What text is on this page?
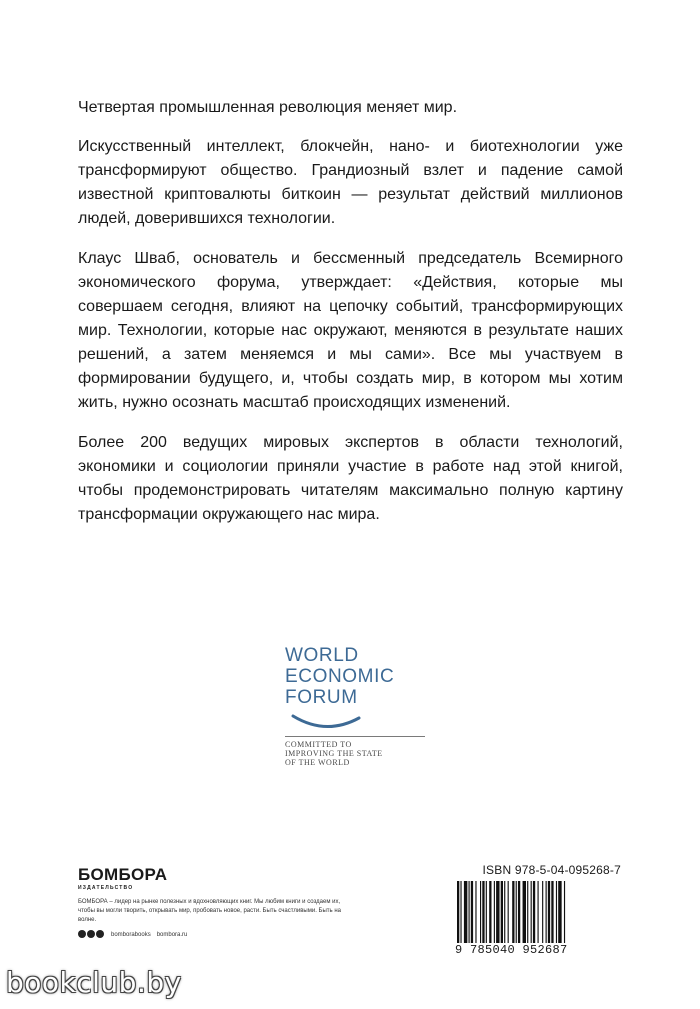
Четвертая промышленная революция меняет мир.

Искусственный интеллект, блокчейн, нано- и биотехнологии уже трансформируют общество. Грандиозный взлет и падение самой известной криптовалюты биткоин — результат действий миллионов людей, доверившихся технологии.

Клаус Шваб, основатель и бессменный председатель Всемирного экономического форума, утверждает: «Действия, которые мы совершаем сегодня, влияют на цепочку событий, трансформирующих мир. Технологии, которые нас окружают, меняются в результате наших решений, а затем меняемся и мы сами». Все мы участвуем в формировании будущего, и, чтобы создать мир, в котором мы хотим жить, нужно осознать масштаб происходящих изменений.

Более 200 ведущих мировых экспертов в области технологий, экономики и социологии приняли участие в работе над этой книгой, чтобы продемонстрировать читателям максимально полную картину трансформации окружающего нас мира.

WORLD
ECONOMIC
FORUM
COMMITTED TO
IMPROVING THE STATE
OF THE WORLD
БОМБОРА
ИЗДАТЕЛЬСТВО
БОМБОРА – лидер на рынке полезных и вдохновляющих книг. Мы любим книги и создаем их, чтобы вы могли творить, открывать мир, пробовать новое, расти. Быть счастливыми. Быть на волне.
bomborabooks bombora.ru
ISBN 978-5-04-095268-7
9 785040 952687
bookclub.by
